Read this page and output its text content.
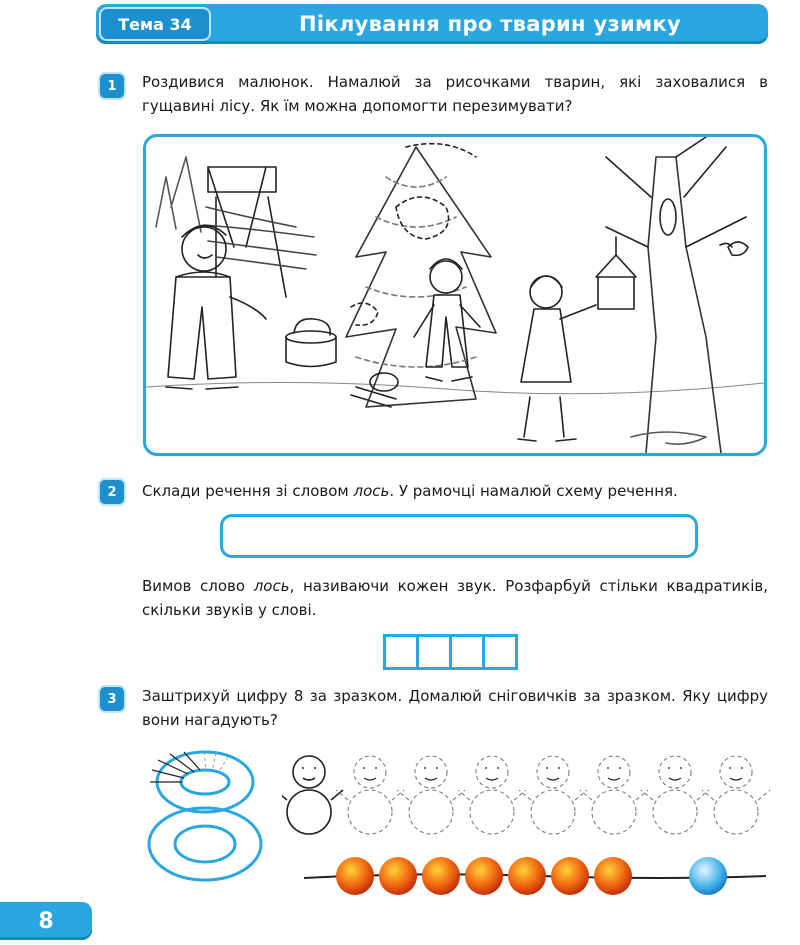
Тема 34	Піклування про тварин узимку
1	Роздивися малюнок. Намалюй за рисочками тварин, які заховалися в гущавині лісу. Як їм можна допомогти перезимувати?
2	Склади речення зі словом лось. У рамочці намалюй схему речення.
Вимов слово лось, називаючи кожен звук. Розфарбуй стільки квадратиків, скільки звуків у слові.
3	Заштрихуй цифру 8 за зразком. Домалюй сніговичків за зразком. Яку цифру вони нагадують?
8
